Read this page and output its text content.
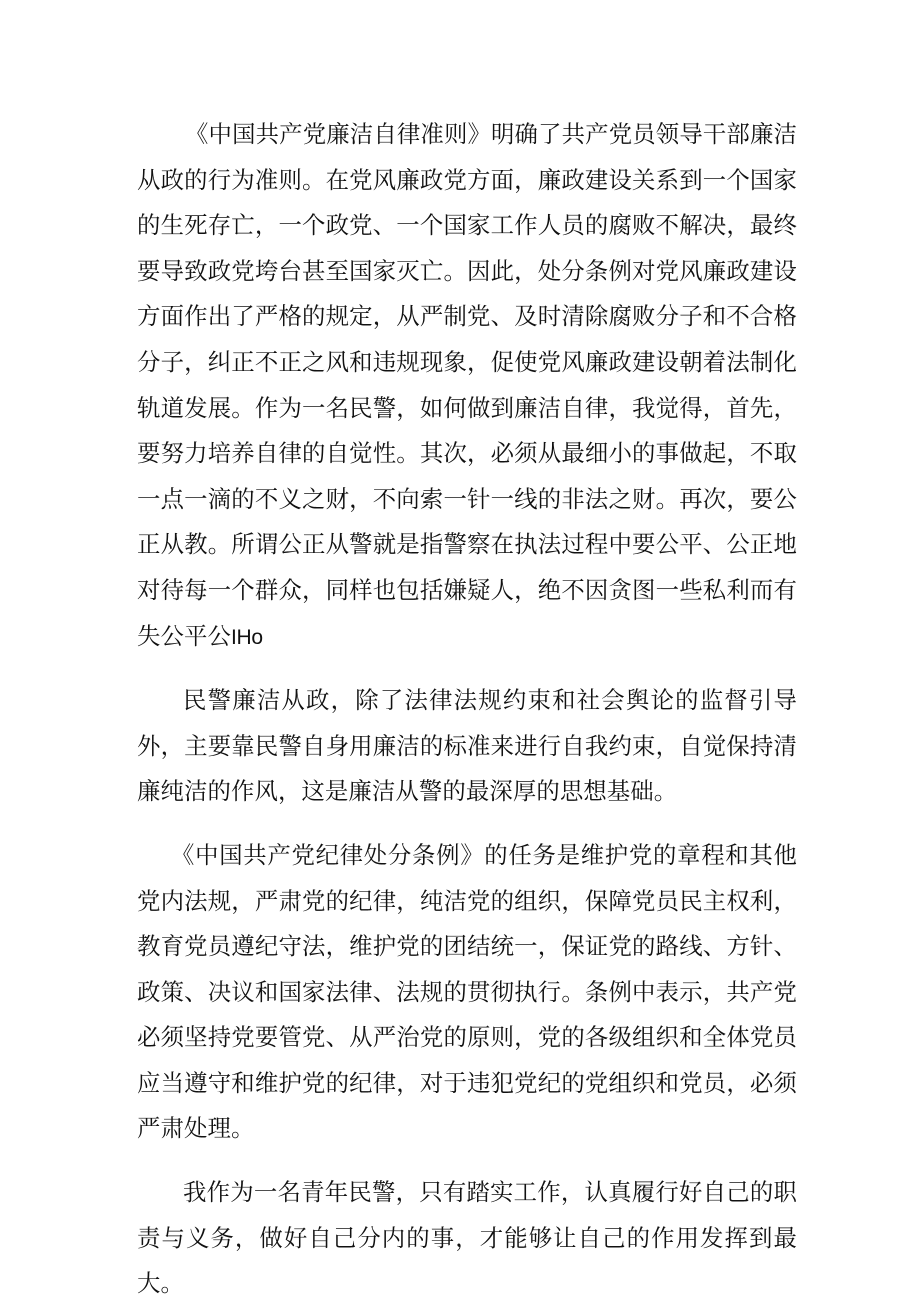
《中国共产党廉洁自律准则》明确了共产党员领导干部廉洁从政的行为准则。在党风廉政党方面，廉政建设关系到一个国家的生死存亡，一个政党、一个国家工作人员的腐败不解决，最终要导致政党垮台甚至国家灭亡。因此，处分条例对党风廉政建设方面作出了严格的规定，从严制党、及时清除腐败分子和不合格分子，纠正不正之风和违规现象，促使党风廉政建设朝着法制化轨道发展。作为一名民警，如何做到廉洁自律，我觉得，首先，要努力培养自律的自觉性。其次，必须从最细小的事做起，不取一点一滴的不义之财，不向索一针一线的非法之财。再次，要公正从教。所谓公正从警就是指警察在执法过程中要公平、公正地对待每一个群众，同样也包括嫌疑人，绝不因贪图一些私利而有失公平公IHo

民警廉洁从政，除了法律法规约束和社会舆论的监督引导外，主要靠民警自身用廉洁的标准来进行自我约束，自觉保持清廉纯洁的作风，这是廉洁从警的最深厚的思想基础。

《中国共产党纪律处分条例》的任务是维护党的章程和其他党内法规，严肃党的纪律，纯洁党的组织，保障党员民主权利，教育党员遵纪守法，维护党的团结统一，保证党的路线、方针、政策、决议和国家法律、法规的贯彻执行。条例中表示，共产党必须坚持党要管党、从严治党的原则，党的各级组织和全体党员应当遵守和维护党的纪律，对于违犯党纪的党组织和党员，必须严肃处理。

我作为一名青年民警，只有踏实工作，认真履行好自己的职责与义务，做好自己分内的事，才能够让自己的作用发挥到最大。
